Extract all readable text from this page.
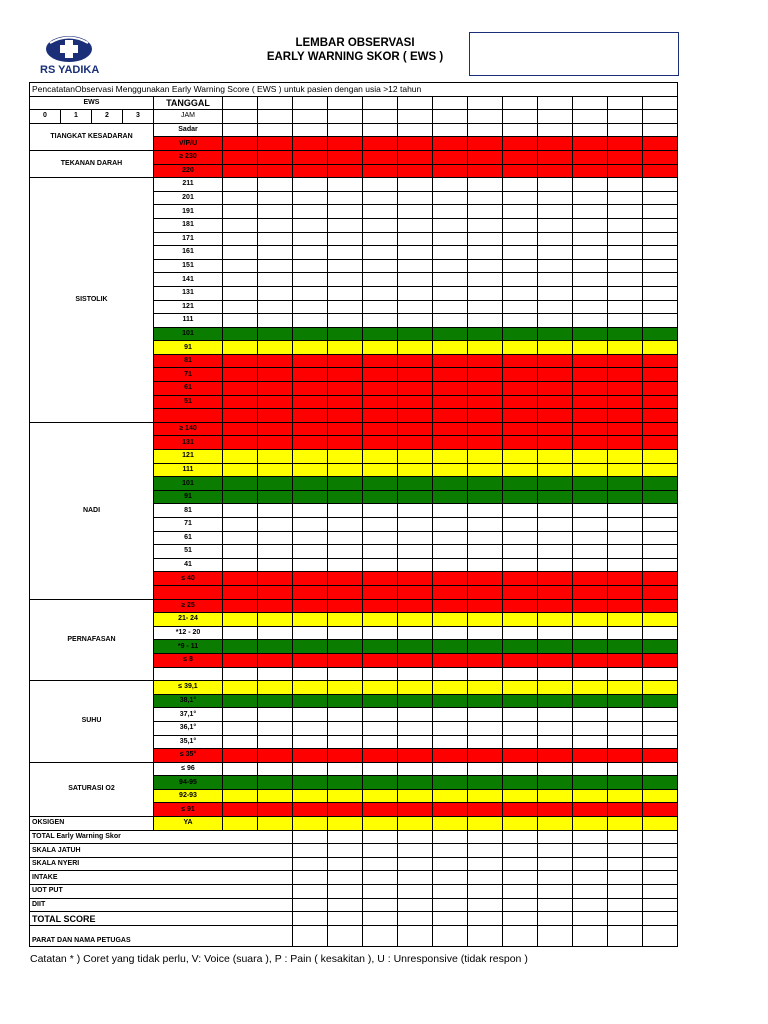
RS YADIKA
LEMBAR OBSERVASI
EARLY WARNING SKOR ( EWS )
PencatatanObservasi Menggunakan Early Warning Score ( EWS ) untuk pasien dengan usia >12 tahun																	
EWS				TANGGAL													
0	1	2	3	JAM													
TIANGKAT KESADARAN				Sadar													
				V/P/U													
TEKANAN DARAH				≥ 230													
				220													
SISTOLIK				211													
				201													
				191													
				181													
				171													
				161													
				151													
				141													
				131													
				121													
				111													
				101													
				91													
				81													
				71													
				61													
				51													

NADI				≥ 140													
				131													
				121													
				111													
				101													
				91													
				81													
				71													
				61													
				51													
				41													
				≤ 40													

PERNAFASAN				≥ 25													
				21- 24													
				*12 - 20													
				*9 - 11													
				≤ 8													

SUHU				≤ 39,1													
				38,1°													
				37,1°													
				36,1°													
				35,1°													
				≤ 35°													
SATURASI O2				≤ 96													
				94-95													
				92-93													
				≤ 91													
OKSIGEN				YA													
TOTAL Early Warning Skor																	
SKALA JATUH																	
SKALA NYERI																	
INTAKE																	
UOT PUT																	
DIIT																	
TOTAL SCORE																	
PARAT DAN NAMA PETUGAS																	
Catatan * ) Coret yang tidak perlu, V: Voice (suara ), P : Pain ( kesakitan ), U : Unresponsive (tidak respon )
